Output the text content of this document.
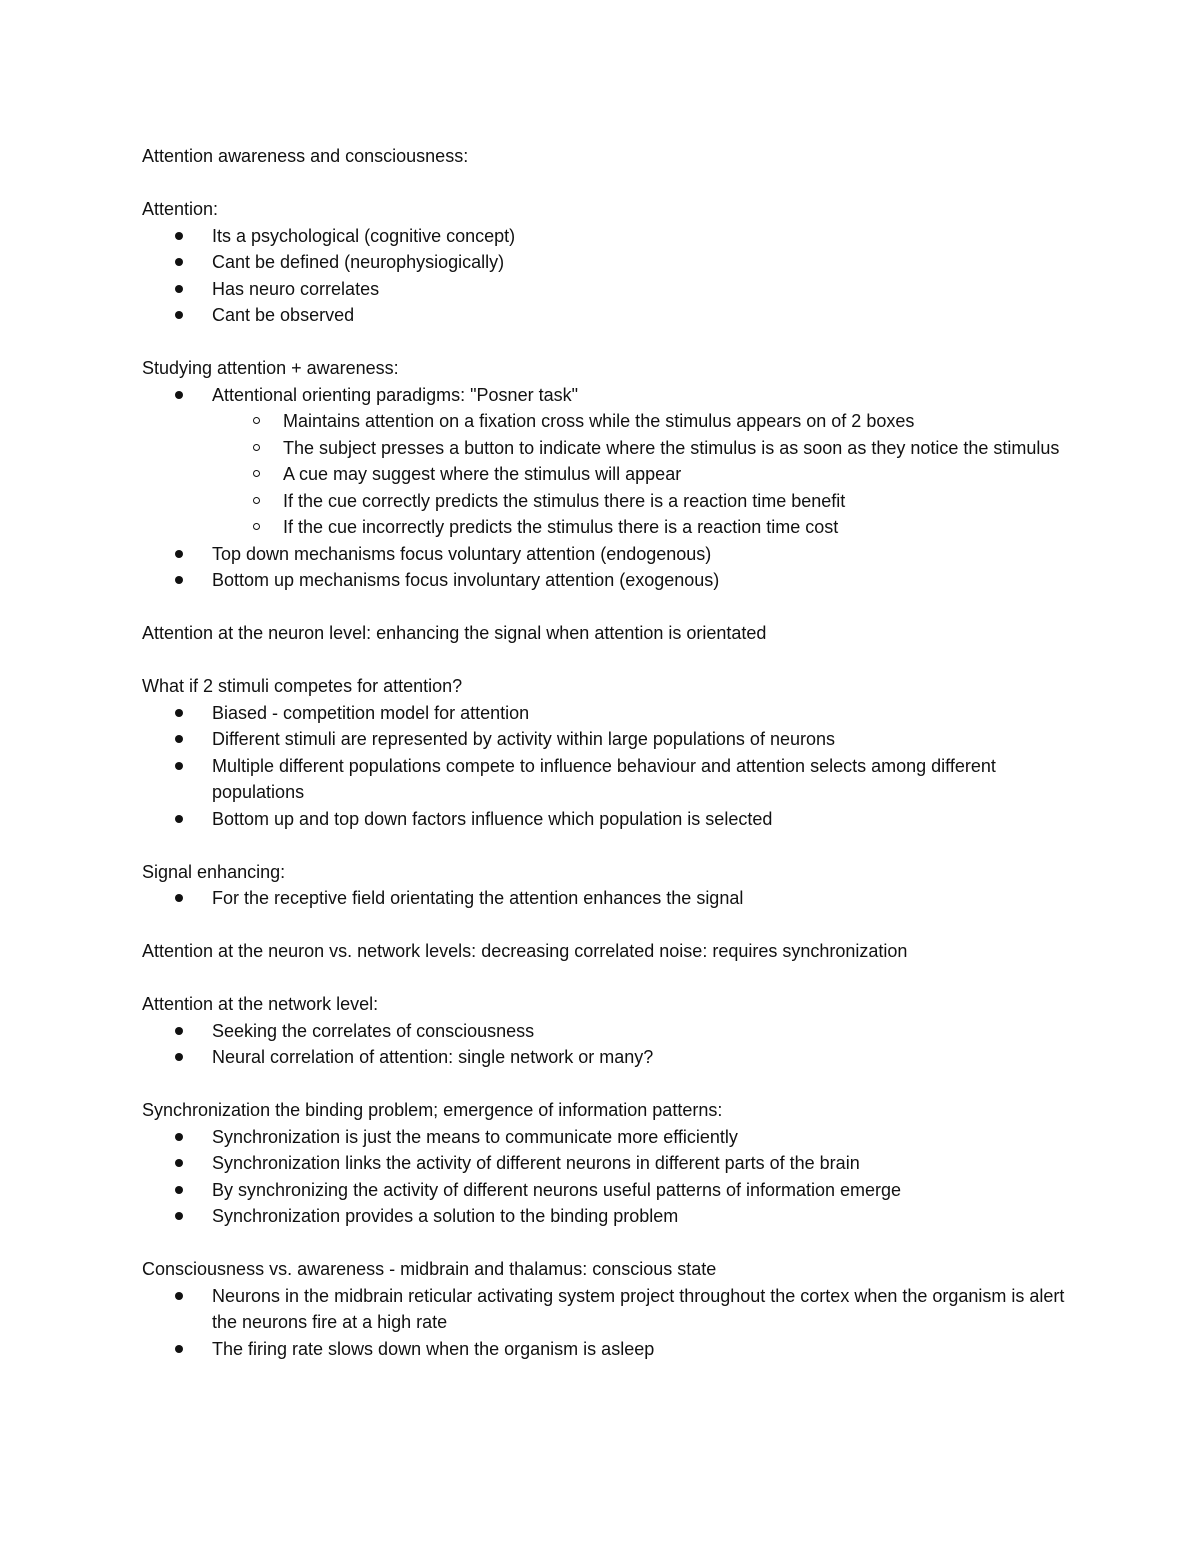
Attention awareness and consciousness:

Attention:

Its a psychological (cognitive concept)
Cant be defined (neurophysiogically)
Has neuro correlates
Cant be observed

Studying attention + awareness:

Attentional orienting paradigms: "Posner task"
Maintains attention on a fixation cross while the stimulus appears on of 2 boxes
The subject presses a button to indicate where the stimulus is as soon as they notice the stimulus
A cue may suggest where the stimulus will appear
If the cue correctly predicts the stimulus there is a reaction time benefit
If the cue incorrectly predicts the stimulus there is a reaction time cost
Top down mechanisms focus voluntary attention (endogenous)
Bottom up mechanisms focus involuntary attention (exogenous)

Attention at the neuron level: enhancing the signal when attention is orientated

What if 2 stimuli competes for attention?

Biased - competition model for attention
Different stimuli are represented by activity within large populations of neurons
Multiple different populations compete to influence behaviour and attention selects among different populations
Bottom up and top down factors influence which population is selected

Signal enhancing:

For the receptive field orientating the attention enhances the signal

Attention at the neuron vs. network levels: decreasing correlated noise: requires synchronization

Attention at the network level:

Seeking the correlates of consciousness
Neural correlation of attention: single network or many?

Synchronization the binding problem; emergence of information patterns:

Synchronization is just the means to communicate more efficiently
Synchronization links the activity of different neurons in different parts of the brain
By synchronizing the activity of different neurons useful patterns of information emerge
Synchronization provides a solution to the binding problem

Consciousness vs. awareness - midbrain and thalamus: conscious state

Neurons in the midbrain reticular activating system project throughout the cortex when the organism is alert the neurons fire at a high rate
The firing rate slows down when the organism is asleep
